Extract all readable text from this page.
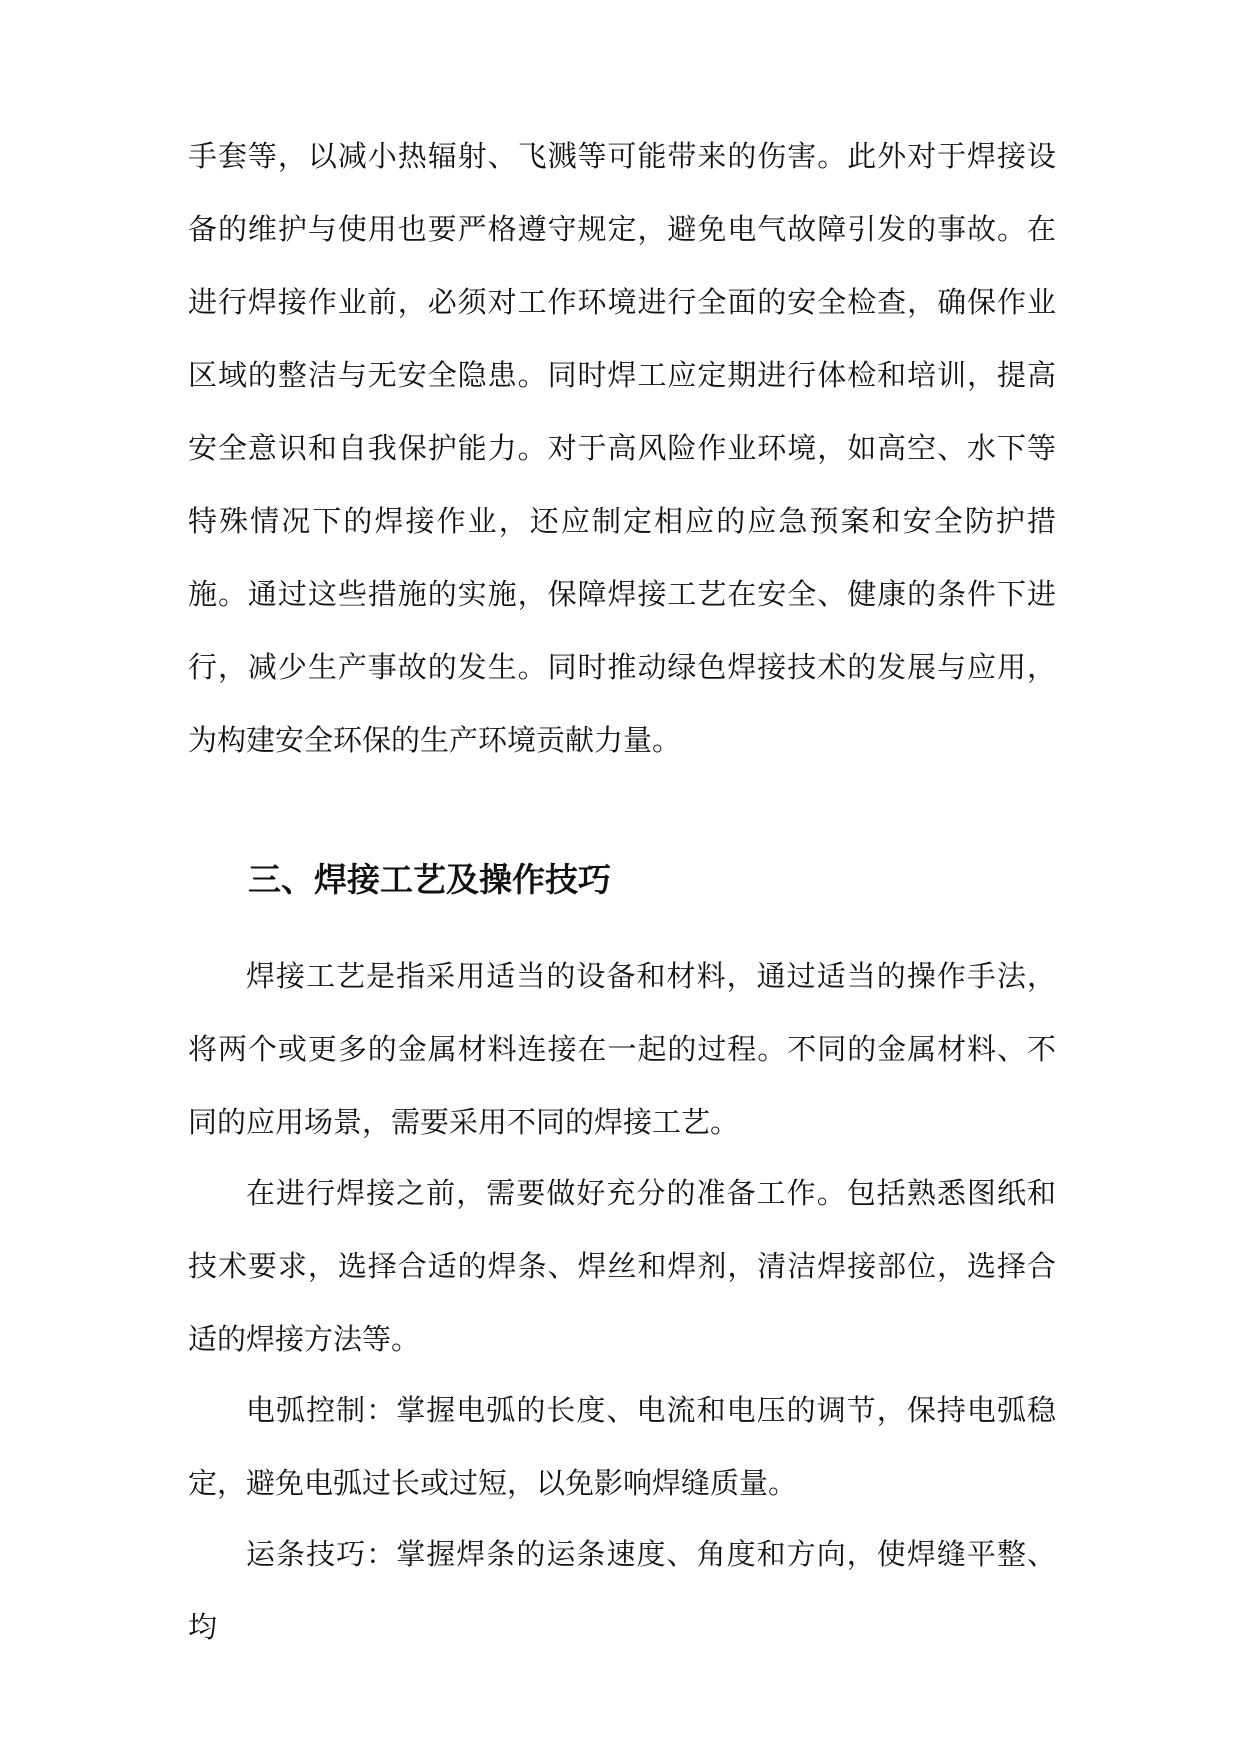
手套等，以减小热辐射、飞溅等可能带来的伤害。此外对于焊接设备的维护与使用也要严格遵守规定，避免电气故障引发的事故。在进行焊接作业前，必须对工作环境进行全面的安全检查，确保作业区域的整洁与无安全隐患。同时焊工应定期进行体检和培训，提高安全意识和自我保护能力。对于高风险作业环境，如高空、水下等特殊情况下的焊接作业，还应制定相应的应急预案和安全防护措施。通过这些措施的实施，保障焊接工艺在安全、健康的条件下进行，减少生产事故的发生。同时推动绿色焊接技术的发展与应用，为构建安全环保的生产环境贡献力量。

三、焊接工艺及操作技巧

焊接工艺是指采用适当的设备和材料，通过适当的操作手法，将两个或更多的金属材料连接在一起的过程。不同的金属材料、不同的应用场景，需要采用不同的焊接工艺。

在进行焊接之前，需要做好充分的准备工作。包括熟悉图纸和技术要求，选择合适的焊条、焊丝和焊剂，清洁焊接部位，选择合适的焊接方法等。

电弧控制：掌握电弧的长度、电流和电压的调节，保持电弧稳定，避免电弧过长或过短，以免影响焊缝质量。

运条技巧：掌握焊条的运条速度、角度和方向，使焊缝平整、均
